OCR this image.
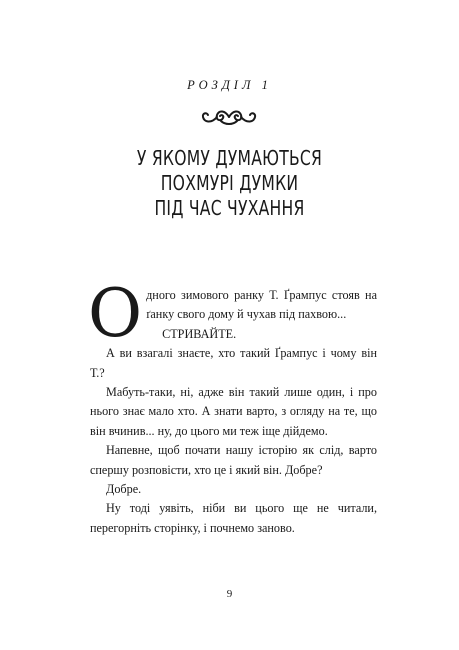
РОЗДІЛ 1
У ЯКОМУ ДУМАЮТЬСЯ
ПОХМУРІ ДУМКИ
ПІД ЧАС ЧУХАННЯ

Одного зимового ранку Т. Ґрампус стояв на ґанку свого дому й чухав під пахвою...

СТРИВАЙТЕ.

А ви взагалі знаєте, хто такий Ґрампус і чому він Т.?

Мабуть-таки, ні, адже він такий лише один, і про нього знає мало хто. А знати варто, з огляду на те, що він вчинив... ну, до цього ми теж іще дійдемо.

Напевне, щоб почати нашу історію як слід, варто спершу розповісти, хто це і який він. Добре?

Добре.

Ну тоді уявіть, ніби ви цього ще не читали, перегорніть сторінку, і почнемо заново.

9
